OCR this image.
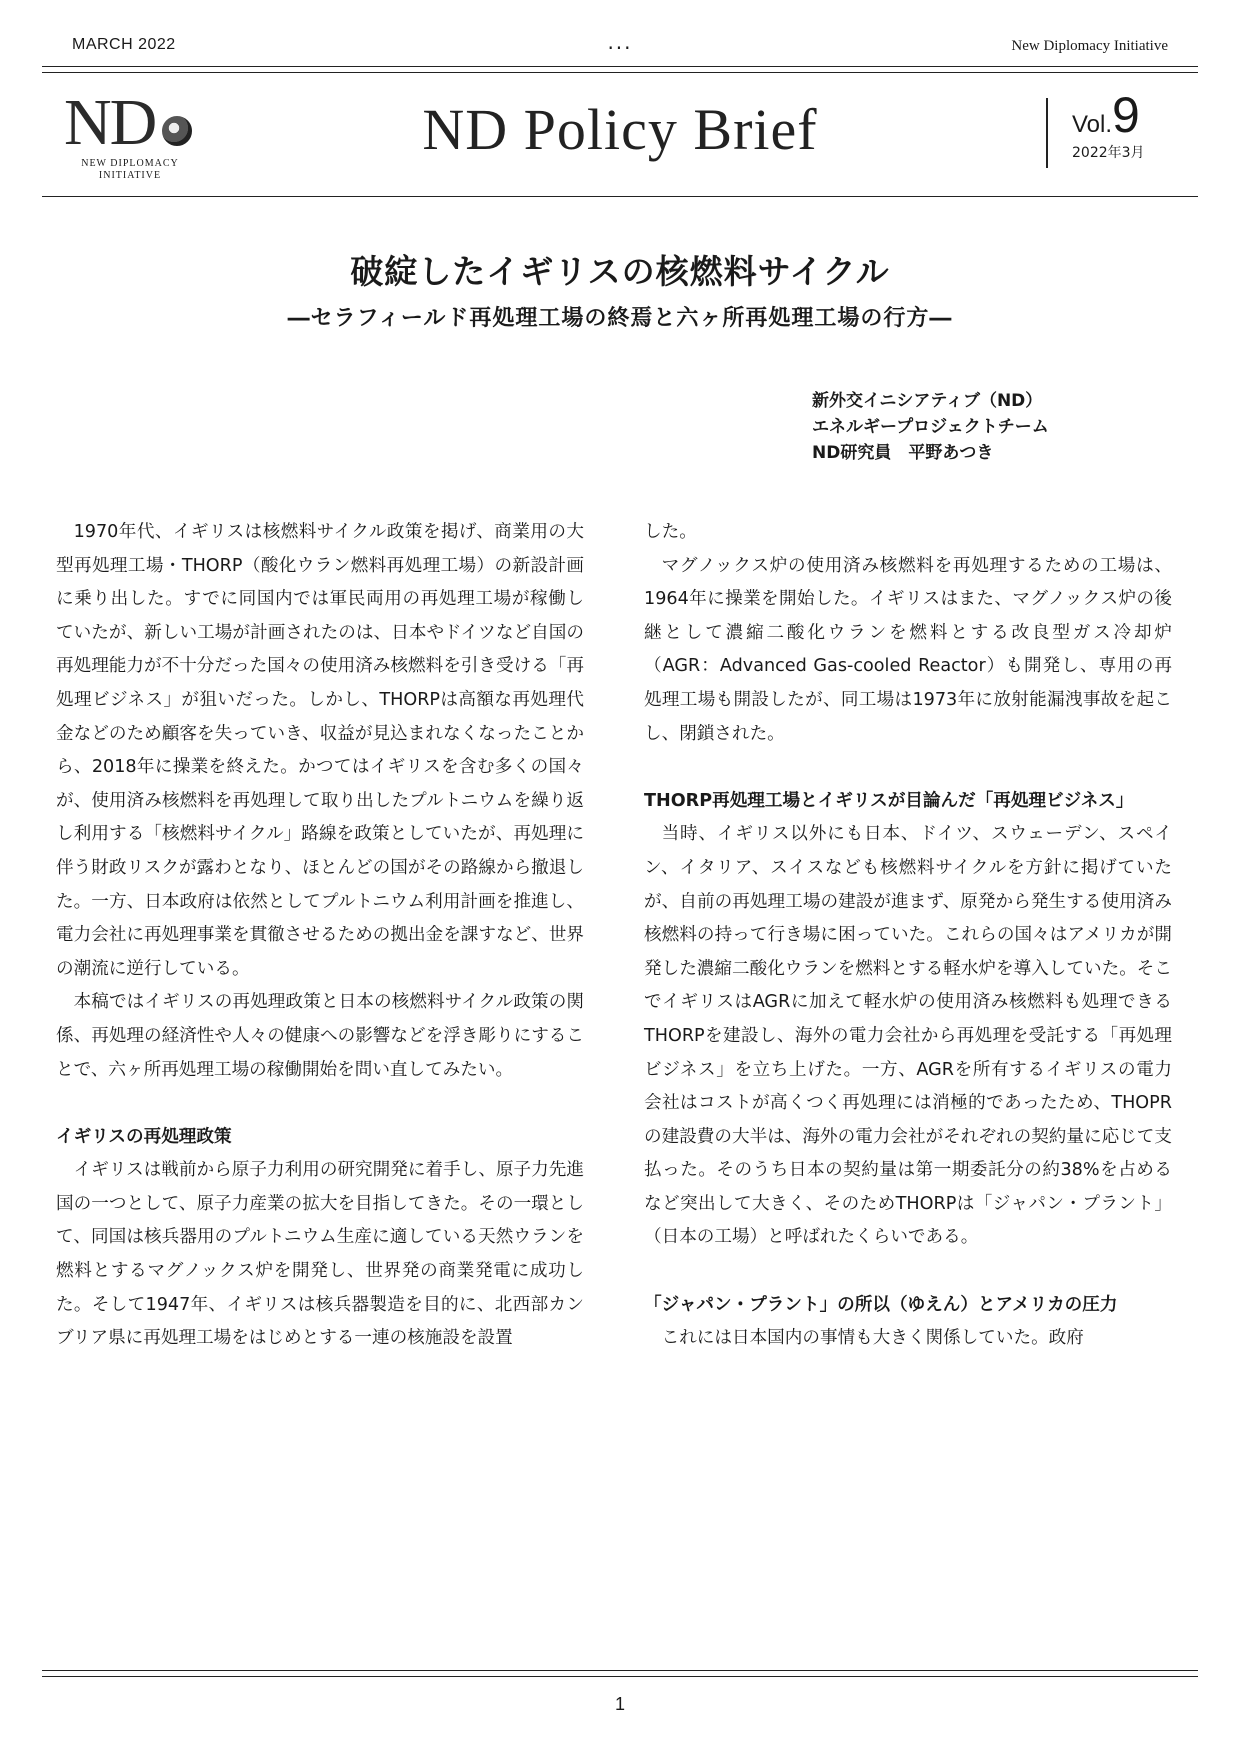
MARCH 2022	...	New Diplomacy Initiative
ND
NEW DIPLOMACY
INITIATIVE
ND Policy Brief	Vol.9
2022年3月
破綻したイギリスの核燃料サイクル
―セラフィールド再処理工場の終焉と六ヶ所再処理工場の行方―
新外交イニシアティブ（ND）
エネルギープロジェクトチーム
ND研究員　平野あつき

1970年代、イギリスは核燃料サイクル政策を掲げ、商業用の大型再処理工場・THORP（酸化ウラン燃料再処理工場）の新設計画に乗り出した。すでに同国内では軍民両用の再処理工場が稼働していたが、新しい工場が計画されたのは、日本やドイツなど自国の再処理能力が不十分だった国々の使用済み核燃料を引き受ける「再処理ビジネス」が狙いだった。しかし、THORPは高額な再処理代金などのため顧客を失っていき、収益が見込まれなくなったことから、2018年に操業を終えた。かつてはイギリスを含む多くの国々が、使用済み核燃料を再処理して取り出したプルトニウムを繰り返し利用する「核燃料サイクル」路線を政策としていたが、再処理に伴う財政リスクが露わとなり、ほとんどの国がその路線から撤退した。一方、日本政府は依然としてプルトニウム利用計画を推進し、電力会社に再処理事業を貫徹させるための拠出金を課すなど、世界の潮流に逆行している。

本稿ではイギリスの再処理政策と日本の核燃料サイクル政策の関係、再処理の経済性や人々の健康への影響などを浮き彫りにすることで、六ヶ所再処理工場の稼働開始を問い直してみたい。

イギリスの再処理政策

イギリスは戦前から原子力利用の研究開発に着手し、原子力先進国の一つとして、原子力産業の拡大を目指してきた。その一環として、同国は核兵器用のプルトニウム生産に適している天然ウランを燃料とするマグノックス炉を開発し、世界発の商業発電に成功した。そして1947年、イギリスは核兵器製造を目的に、北西部カンブリア県に再処理工場をはじめとする一連の核施設を設置

した。

マグノックス炉の使用済み核燃料を再処理するための工場は、1964年に操業を開始した。イギリスはまた、マグノックス炉の後継として濃縮二酸化ウランを燃料とする改良型ガス冷却炉（AGR：Advanced Gas-cooled Reactor）も開発し、専用の再処理工場も開設したが、同工場は1973年に放射能漏洩事故を起こし、閉鎖された。

THORP再処理工場とイギリスが目論んだ「再処理ビジネス」

当時、イギリス以外にも日本、ドイツ、スウェーデン、スペイン、イタリア、スイスなども核燃料サイクルを方針に掲げていたが、自前の再処理工場の建設が進まず、原発から発生する使用済み核燃料の持って行き場に困っていた。これらの国々はアメリカが開発した濃縮二酸化ウランを燃料とする軽水炉を導入していた。そこでイギリスはAGRに加えて軽水炉の使用済み核燃料も処理できるTHORPを建設し、海外の電力会社から再処理を受託する「再処理ビジネス」を立ち上げた。一方、AGRを所有するイギリスの電力会社はコストが高くつく再処理には消極的であったため、THOPRの建設費の大半は、海外の電力会社がそれぞれの契約量に応じて支払った。そのうち日本の契約量は第一期委託分の約38%を占めるなど突出して大きく、そのためTHORPは「ジャパン・プラント」（日本の工場）と呼ばれたくらいである。

「ジャパン・プラント」の所以（ゆえん）とアメリカの圧力

これには日本国内の事情も大きく関係していた。政府

1
